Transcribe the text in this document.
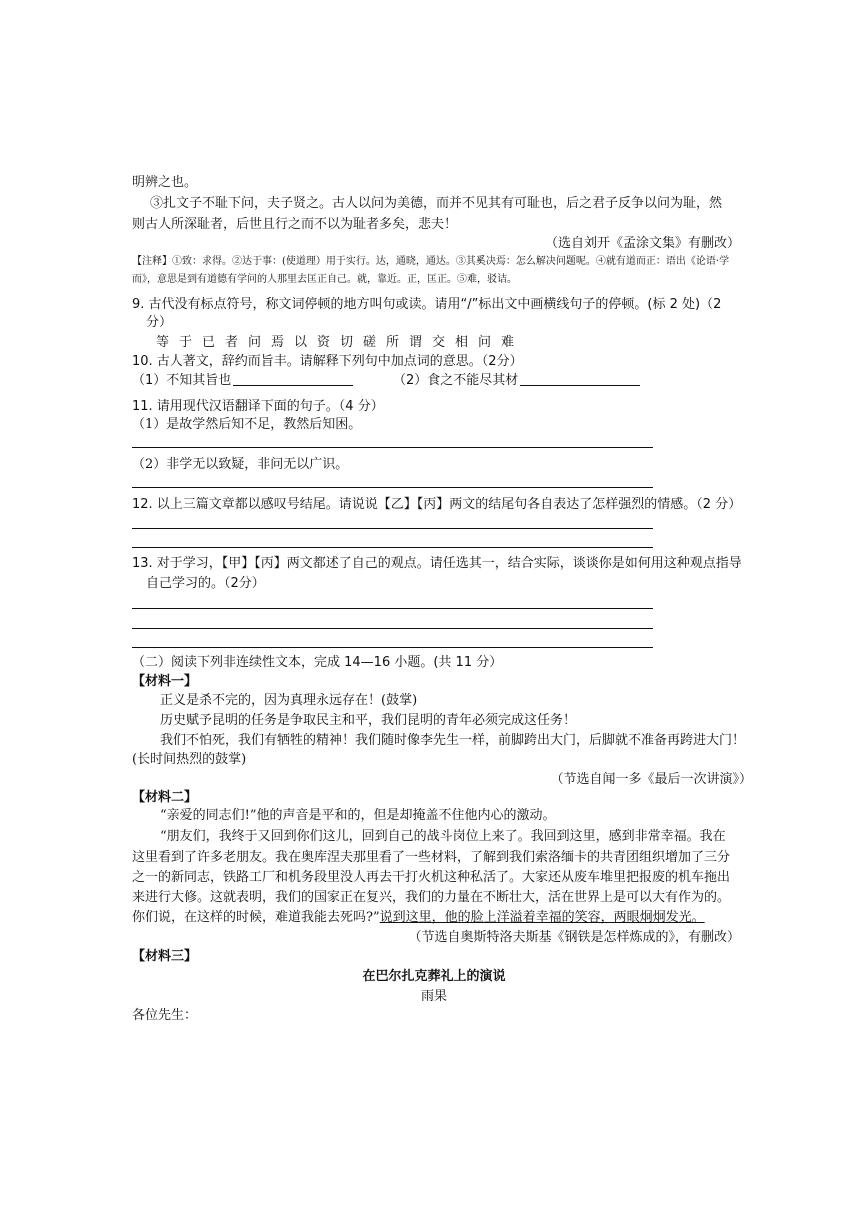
明辨之也。
③扎文子不耻下问，夫子贤之。古人以问为美德，而并不见其有可耻也，后之君子反争以问为耻，然
则古人所深耻者，后世且行之而不以为耻者多矣，悲夫！
（选自刘开《孟涂文集》有删改）
【注释】①致：求得。②达于事：(使道理）用于实行。达，通晓，通达。③其奚决焉：怎么解决问题呢。④就有道而正：语出《论语·学
而》，意思是到有道德有学问的人那里去匡正自己。就，靠近。正，匡正。⑤难，驳诘。
9. 古代没有标点符号，称文词停顿的地方叫句或读。请用“/”标出文中画横线句子的停顿。(标 2 处)（2
分）
等于已者问焉以资切磋所谓交相问难
10. 古人著文，辞约而旨丰。请解释下列句中加点词的意思。（2分）
（1）不知其旨也	（2）食之不能尽其材
11. 请用现代汉语翻译下面的句子。（4 分）
（1）是故学然后知不足，教然后知困。
（2）非学无以致疑，非问无以广识。
12. 以上三篇文章都以感叹号结尾。请说说【乙】【丙】两文的结尾句各自表达了怎样强烈的情感。（2 分）
13. 对于学习，【甲】【丙】两文都述了自己的观点。请任选其一，结合实际，谈谈你是如何用这种观点指导
自己学习的。（2分）
（二）阅读下列非连续性文本，完成 14—16 小题。(共 11 分）
【材料一】
正义是杀不完的，因为真理永远存在！(鼓掌)
历史赋予昆明的任务是争取民主和平，我们昆明的青年必须完成这任务！
我们不怕死，我们有牺牲的精神！我们随时像李先生一样，前脚跨出大门，后脚就不准备再跨进大门！
(长时间热烈的鼓掌)
（节选自闻一多《最后一次讲演》）
【材料二】
“亲爱的同志们!”他的声音是平和的，但是却掩盖不住他内心的激动。
“朋友们，我终于又回到你们这儿，回到自己的战斗岗位上来了。我回到这里，感到非常幸福。我在
这里看到了许多老朋友。我在奥库涅夫那里看了一些材料，了解到我们索洛缅卡的共青团组织增加了三分
之一的新同志，铁路工厂和机务段里没人再去干打火机这种私活了。大家还从废车堆里把报废的机车拖出
来进行大修。这就表明，我们的国家正在复兴，我们的力量在不断壮大，活在世界上是可以大有作为的。
你们说，在这样的时候，难道我能去死吗?”说到这里，他的脸上洋溢着幸福的笑容，两眼炯炯发光。
（节选自奥斯特洛夫斯基《钢铁是怎样炼成的》，有删改）
【材料三】
在巴尔扎克葬礼上的演说
雨果
各位先生：
